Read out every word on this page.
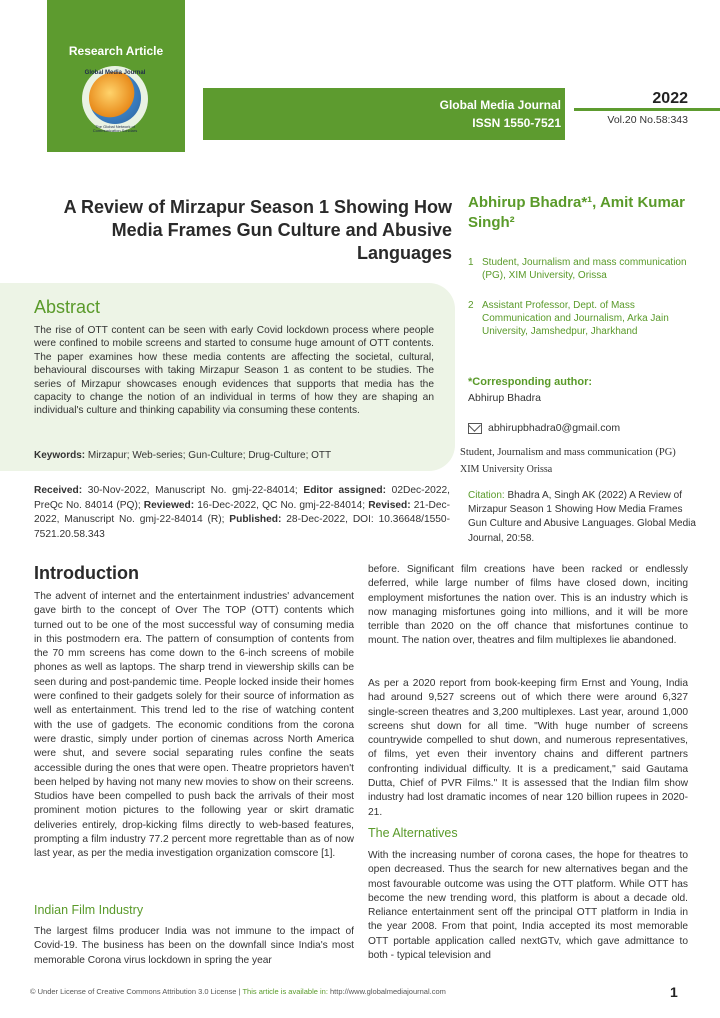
Research Article
Global Media Journal
The Global Network of Communication Scholars
Global Media Journal
ISSN 1550-7521
2022
Vol.20 No.58:343
A Review of Mirzapur Season 1 Showing How Media Frames Gun Culture and Abusive Languages
Abhirup Bhadra*¹, Amit Kumar Singh²
1 Student, Journalism and mass communication (PG), XIM University, Orissa
2 Assistant Professor, Dept. of Mass Communication and Journalism, Arka Jain University, Jamshedpur, Jharkhand
Abstract
The rise of OTT content can be seen with early Covid lockdown process where people were confined to mobile screens and started to consume huge amount of OTT contents. The paper examines how these media contents are affecting the societal, cultural, behavioural discourses with taking Mirzapur Season 1 as content to be studies. The series of Mirzapur showcases enough evidences that supports that media has the capacity to change the notion of an individual in terms of how they are shaping an individual's culture and thinking capability via consuming these contents.
Keywords: Mirzapur; Web-series; Gun-Culture; Drug-Culture; OTT
*Corresponding author:
Abhirup Bhadra
abhirupbhadra0@gmail.com
Student, Journalism and mass communication (PG)
XIM University Orissa
Received: 30-Nov-2022, Manuscript No. gmj-22-84014; Editor assigned: 02Dec-2022, PreQc No. 84014 (PQ); Reviewed: 16-Dec-2022, QC No. gmj-22-84014; Revised: 21-Dec-2022, Manuscript No. gmj-22-84014 (R); Published: 28-Dec-2022, DOI: 10.36648/1550-7521.20.58.343
Citation: Bhadra A, Singh AK (2022) A Review of Mirzapur Season 1 Showing How Media Frames Gun Culture and Abusive Languages. Global Media Journal, 20:58.
Introduction
The advent of internet and the entertainment industries' advancement gave birth to the concept of Over The TOP (OTT) contents which turned out to be one of the most successful way of consuming media in this postmodern era. The pattern of consumption of contents from the 70 mm screens has come down to the 6-inch screens of mobile phones as well as laptops. The sharp trend in viewership skills can be seen during and post-pandemic time. People locked inside their homes were confined to their gadgets solely for their source of information as well as entertainment. This trend led to the rise of watching content with the use of gadgets. The economic conditions from the corona were drastic, simply under portion of cinemas across North America were shut, and severe social separating rules confine the seats accessible during the ones that were open. Theatre proprietors haven't been helped by having not many new movies to show on their screens. Studios have been compelled to push back the arrivals of their most prominent motion pictures to the following year or skirt dramatic deliveries entirely, drop-kicking films directly to web-based features, prompting a film industry 77.2 percent more regrettable than as of now last year, as per the media investigation organization comscore [1].
Indian Film Industry
The largest films producer India was not immune to the impact of Covid-19. The business has been on the downfall since India's most memorable Corona virus lockdown in spring the year
before. Significant film creations have been racked or endlessly deferred, while large number of films have closed down, inciting employment misfortunes the nation over. This is an industry which is now managing misfortunes going into millions, and it will be more terrible than 2020 on the off chance that misfortunes continue to mount. The nation over, theatres and film multiplexes lie abandoned.
As per a 2020 report from book-keeping firm Ernst and Young, India had around 9,527 screens out of which there were around 6,327 single-screen theatres and 3,200 multiplexes. Last year, around 1,000 screens shut down for all time. "With huge number of screens countrywide compelled to shut down, and numerous representatives, of films, yet even their inventory chains and different partners confronting individual difficulty. It is a predicament," said Gautama Dutta, Chief of PVR Films." It is assessed that the Indian film show industry had lost dramatic incomes of near 120 billion rupees in 2020-21.
The Alternatives
With the increasing number of corona cases, the hope for theatres to open decreased. Thus the search for new alternatives began and the most favourable outcome was using the OTT platform. While OTT has become the new trending word, this platform is about a decade old. Reliance entertainment sent off the principal OTT platform in India in the year 2008. From that point, India accepted its most memorable OTT portable application called nextGTv, which gave admittance to both - typical television and
© Under License of Creative Commons Attribution 3.0 License | This article is available in: http://www.globalmediajournal.com	1
